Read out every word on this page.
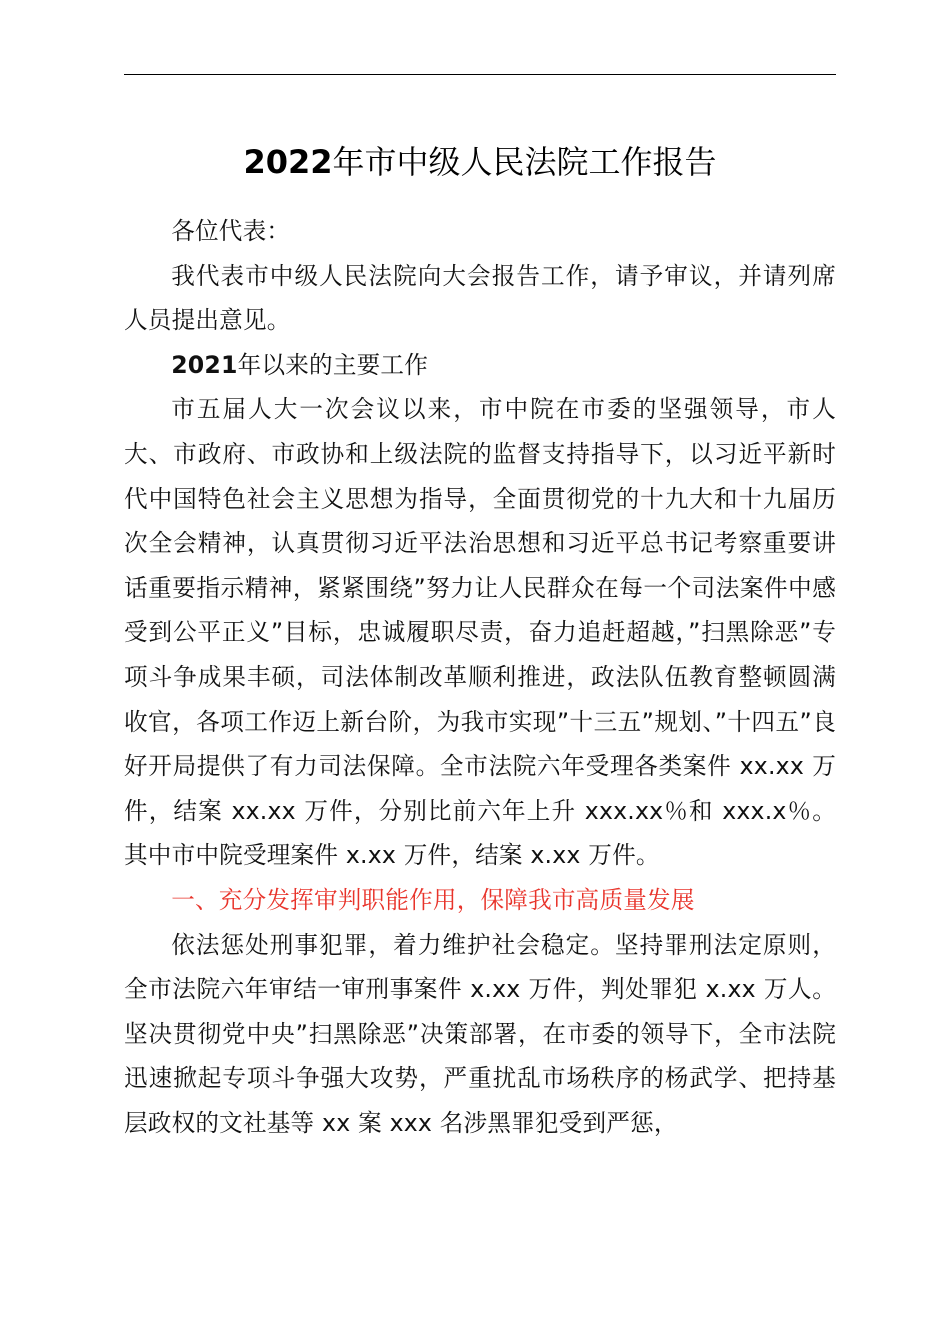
2022年市中级人民法院工作报告

各位代表：

我代表市中级人民法院向大会报告工作，请予审议，并请列席人员提出意见。

2021年以来的主要工作

市五届人大一次会议以来，市中院在市委的坚强领导，市人大、市政府、市政协和上级法院的监督支持指导下，以习近平新时代中国特色社会主义思想为指导，全面贯彻党的十九大和十九届历次全会精神，认真贯彻习近平法治思想和习近平总书记考察重要讲话重要指示精神，紧紧围绕”努力让人民群众在每一个司法案件中感受到公平正义”目标，忠诚履职尽责，奋力追赶超越，”扫黑除恶”专项斗争成果丰硕，司法体制改革顺利推进，政法队伍教育整顿圆满收官，各项工作迈上新台阶，为我市实现”十三五”规划、”十四五”良好开局提供了有力司法保障。全市法院六年受理各类案件 xx.xx 万件，结案 xx.xx 万件，分别比前六年上升 xxx.xx％和 xxx.x％。其中市中院受理案件 x.xx 万件，结案 x.xx 万件。

一、充分发挥审判职能作用，保障我市高质量发展

依法惩处刑事犯罪，着力维护社会稳定。坚持罪刑法定原则，全市法院六年审结一审刑事案件 x.xx 万件，判处罪犯 x.xx 万人。坚决贯彻党中央”扫黑除恶”决策部署，在市委的领导下，全市法院迅速掀起专项斗争强大攻势，严重扰乱市场秩序的杨武学、把持基层政权的文社基等 xx 案 xxx 名涉黑罪犯受到严惩，
